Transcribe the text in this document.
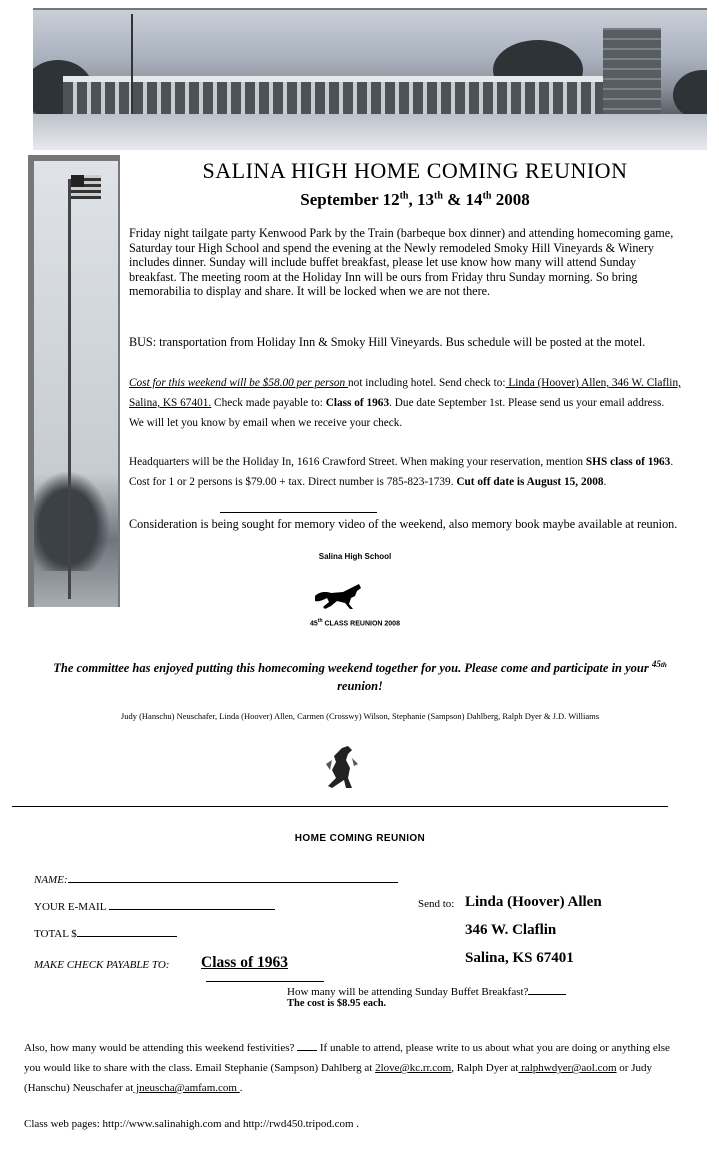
SALINA HIGH HOME COMING REUNION
September 12th, 13th & 14th 2008
Friday night tailgate party Kenwood Park by the Train (barbeque box dinner) and attending homecoming game, Saturday tour High School and spend the evening at the Newly remodeled Smoky Hill Vineyards & Winery includes dinner. Sunday will include buffet breakfast, please let use know how many will attend Sunday breakfast. The meeting room at the Holiday Inn will be ours from Friday thru Sunday morning. So bring memorabilia to display and share. It will be locked when we are not there.
BUS: transportation from Holiday Inn & Smoky Hill Vineyards. Bus schedule will be posted at the motel.
Cost for this weekend will be $58.00 per person not including hotel. Send check to: Linda (Hoover) Allen, 346 W. Claflin, Salina, KS 67401. Check made payable to: Class of 1963. Due date September 1st. Please send us your email address. We will let you know by email when we receive your check.
Headquarters will be the Holiday In, 1616 Crawford Street. When making your reservation, mention SHS class of 1963. Cost for 1 or 2 persons is $79.00 + tax. Direct number is 785-823-1739. Cut off date is August 15, 2008.
Consideration is being sought for memory video of the weekend, also memory book maybe available at reunion.
Salina High School
45th CLASS REUNION 2008
The committee has enjoyed putting this homecoming weekend together for you. Please come and participate in your $^{45th}$ reunion!
Judy (Hanschu) Neuschafer, Linda (Hoover) Allen, Carmen (Crosswy) Wilson, Stephanie (Sampson) Dahlberg, Ralph Dyer & J.D. Williams
HOME COMING REUNION
NAME:
YOUR E-MAIL
TOTAL $
MAKE CHECK PAYABLE TO: Class of 1963
Send to: Linda (Hoover) Allen
346 W. Claflin
Salina, KS 67401
How many will be attending Sunday Buffet Breakfast?
The cost is $8.95 each.
Also, how many would be attending this weekend festivities?  If unable to attend, please write to us about what you are doing or anything else you would like to share with the class. Email Stephanie (Sampson) Dahlberg at 2love@kc.rr.com, Ralph Dyer at ralphwdyer@aol.com or Judy (Hanschu) Neuschafer at jneuscha@amfam.com .
Class web pages: http://www.salinahigh.com and http://rwd450.tripod.com .
